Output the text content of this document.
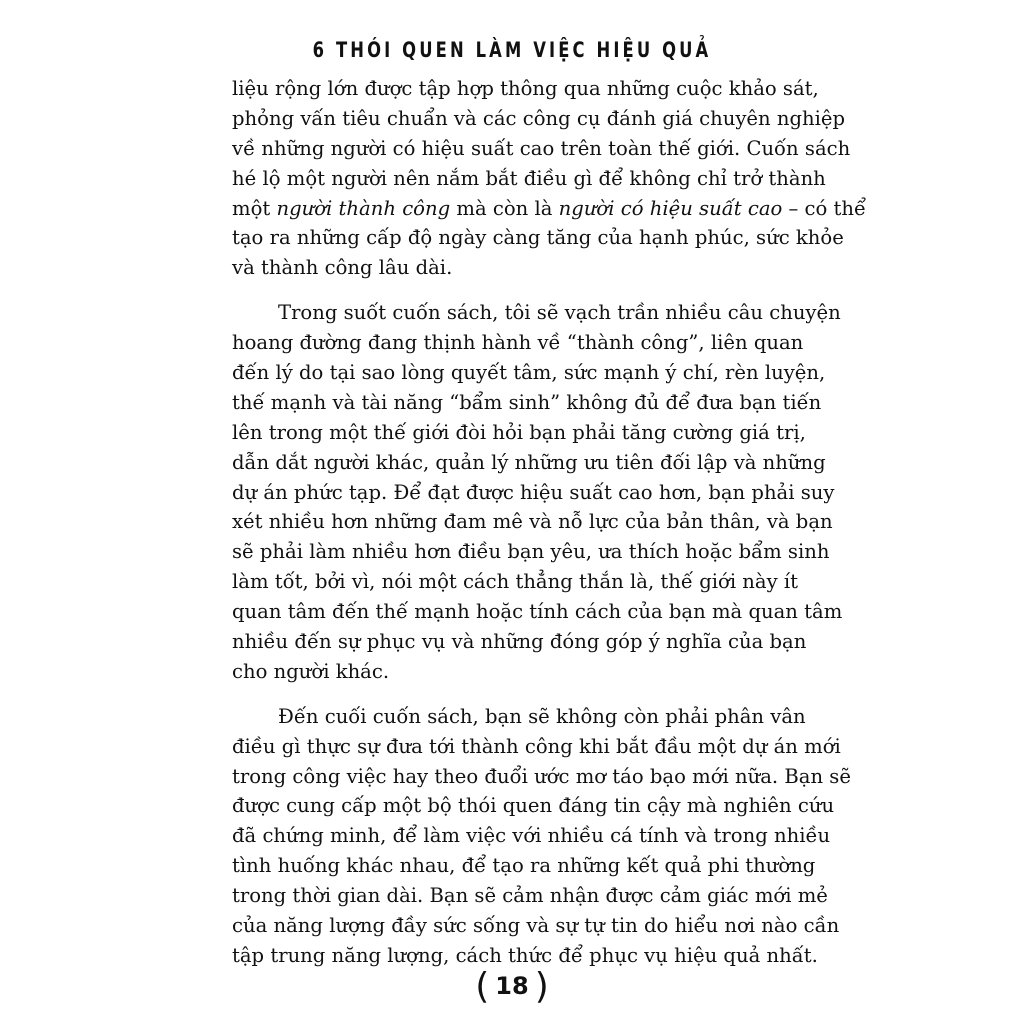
6 THÓI QUEN LÀM VIỆC HIỆU QUẢ
liệu rộng lớn được tập hợp thông qua những cuộc khảo sát,
phỏng vấn tiêu chuẩn và các công cụ đánh giá chuyên nghiệp
về những người có hiệu suất cao trên toàn thế giới. Cuốn sách
hé lộ một người nên nắm bắt điều gì để không chỉ trở thành
một người thành công mà còn là người có hiệu suất cao – có thể
tạo ra những cấp độ ngày càng tăng của hạnh phúc, sức khỏe
và thành công lâu dài.
Trong suốt cuốn sách, tôi sẽ vạch trần nhiều câu chuyện
hoang đường đang thịnh hành về “thành công”, liên quan
đến lý do tại sao lòng quyết tâm, sức mạnh ý chí, rèn luyện,
thế mạnh và tài năng “bẩm sinh” không đủ để đưa bạn tiến
lên trong một thế giới đòi hỏi bạn phải tăng cường giá trị,
dẫn dắt người khác, quản lý những ưu tiên đối lập và những
dự án phức tạp. Để đạt được hiệu suất cao hơn, bạn phải suy
xét nhiều hơn những đam mê và nỗ lực của bản thân, và bạn
sẽ phải làm nhiều hơn điều bạn yêu, ưa thích hoặc bẩm sinh
làm tốt, bởi vì, nói một cách thẳng thắn là, thế giới này ít
quan tâm đến thế mạnh hoặc tính cách của bạn mà quan tâm
nhiều đến sự phục vụ và những đóng góp ý nghĩa của bạn
cho người khác.
Đến cuối cuốn sách, bạn sẽ không còn phải phân vân
điều gì thực sự đưa tới thành công khi bắt đầu một dự án mới
trong công việc hay theo đuổi ước mơ táo bạo mới nữa. Bạn sẽ
được cung cấp một bộ thói quen đáng tin cậy mà nghiên cứu
đã chứng minh, để làm việc với nhiều cá tính và trong nhiều
tình huống khác nhau, để tạo ra những kết quả phi thường
trong thời gian dài. Bạn sẽ cảm nhận được cảm giác mới mẻ
của năng lượng đầy sức sống và sự tự tin do hiểu nơi nào cần
tập trung năng lượng, cách thức để phục vụ hiệu quả nhất.
( 18 )
